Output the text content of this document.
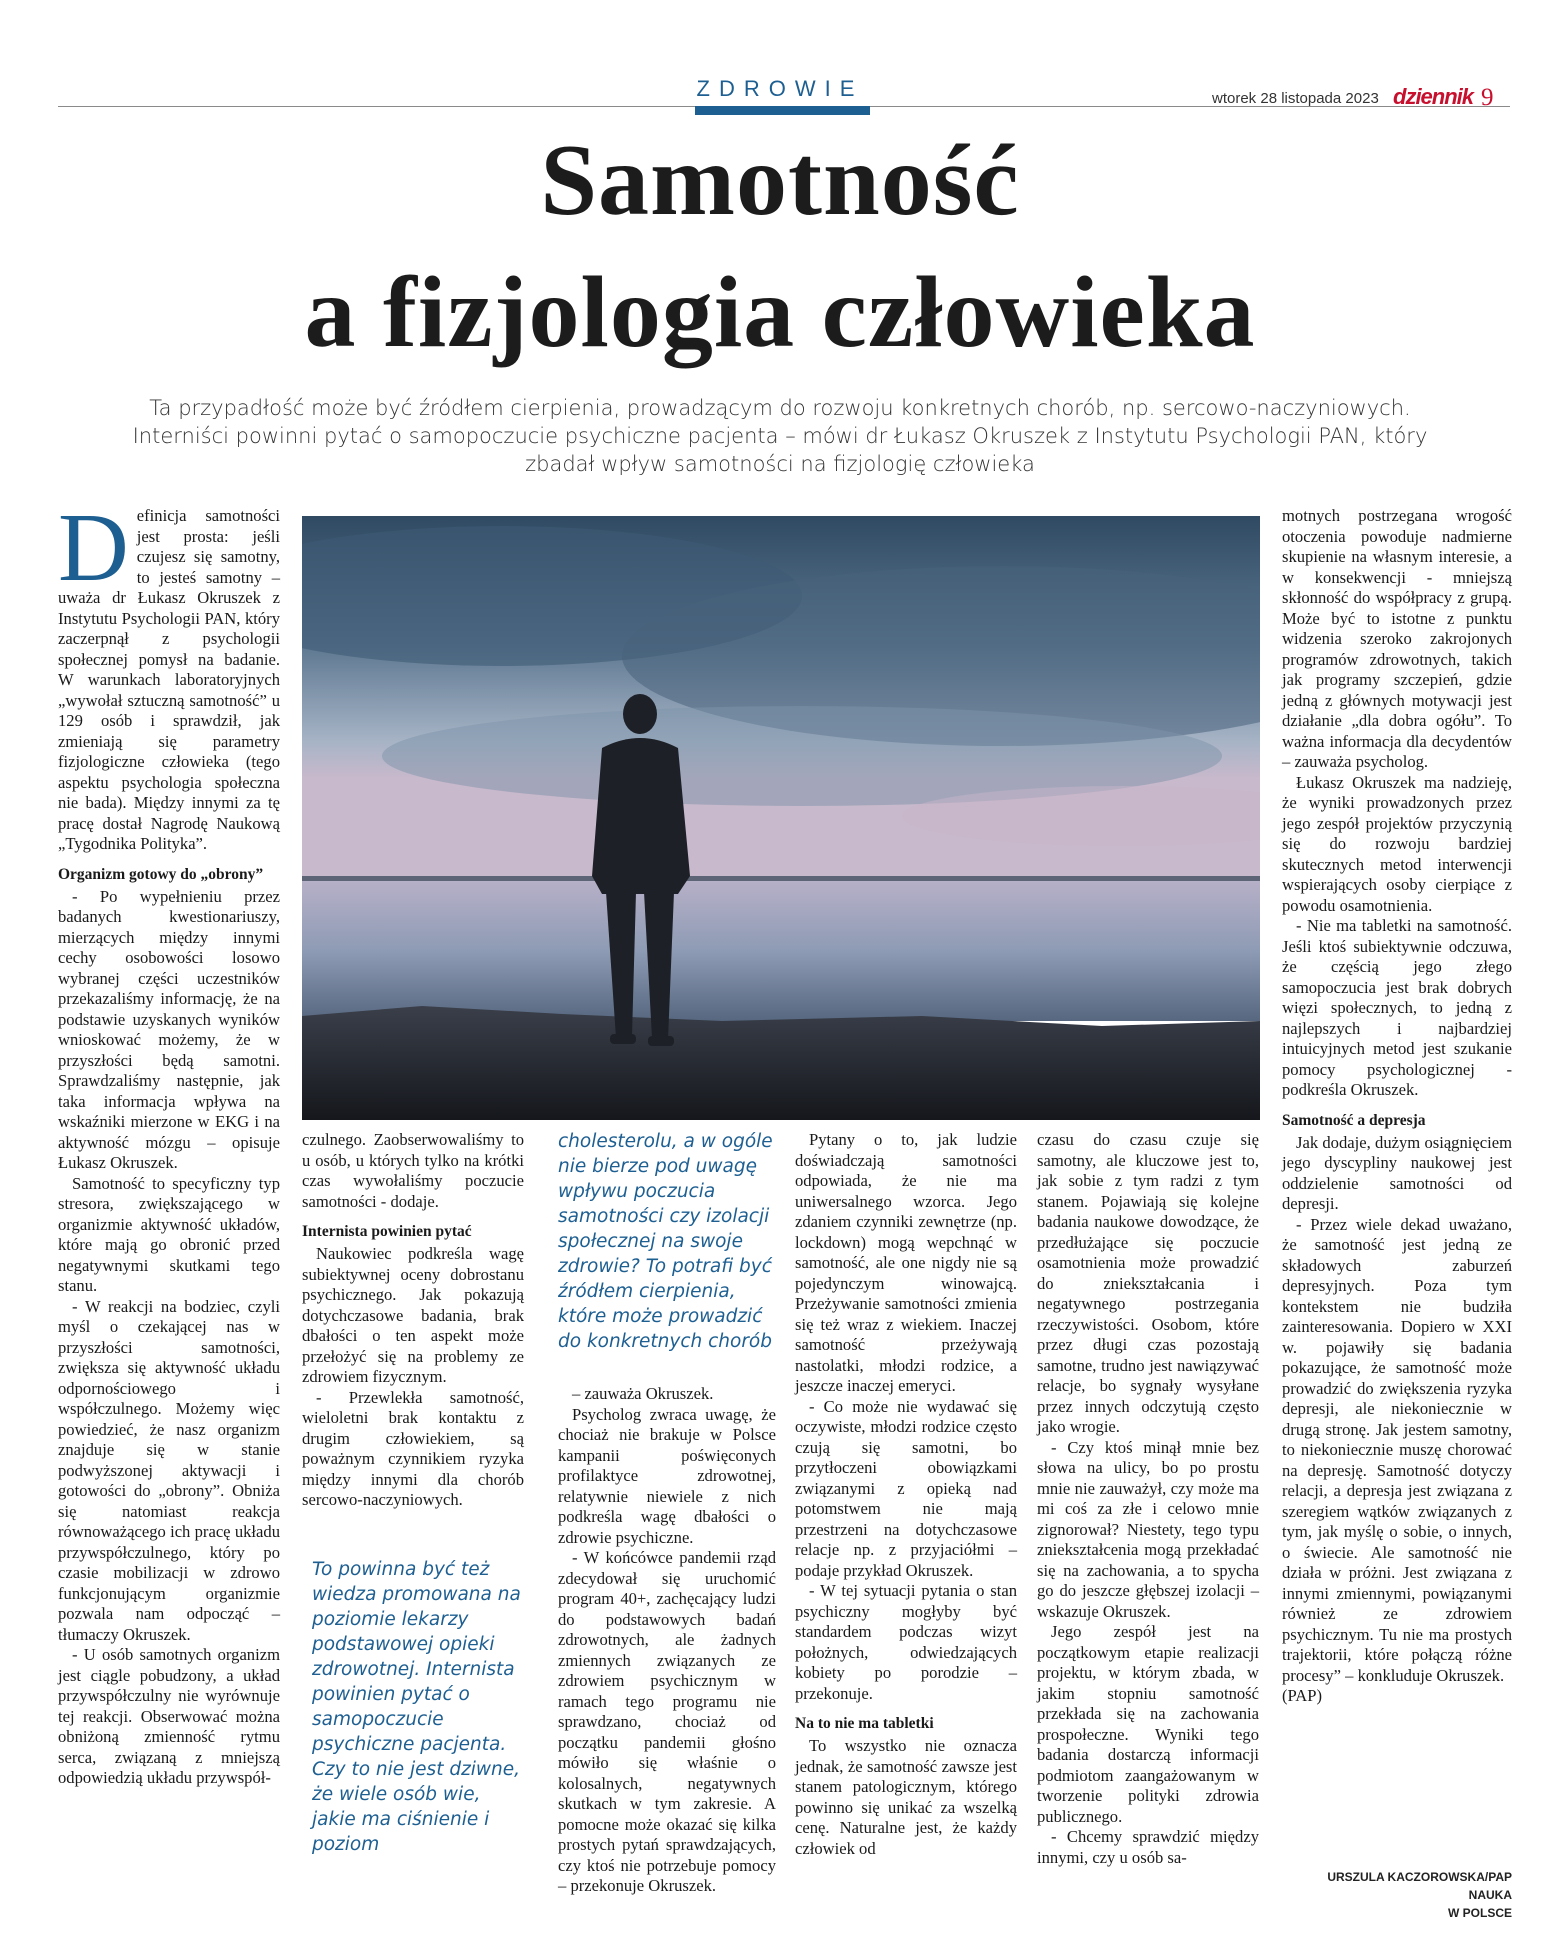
ZDROWIE	wtorek 28 listopada 2023 dziennik 9
Samotność
a fizjologia człowieka
Ta przypadłość może być źródłem cierpienia, prowadzącym do rozwoju konkretnych chorób, np. sercowo-naczyniowych.
Interniści powinni pytać o samopoczucie psychiczne pacjenta – mówi dr Łukasz Okruszek z Instytutu Psychologii PAN, który
zbadał wpływ samotności na fizjologię człowieka

Definicja samotności jest prosta: jeśli czujesz się samotny, to jesteś samotny – uważa dr Łukasz Okruszek z Instytutu Psychologii PAN, który zaczerpnął z psychologii społecznej pomysł na badanie. W warunkach laboratoryjnych „wywołał sztuczną samotność” u 129 osób i sprawdził, jak zmieniają się parametry fizjologiczne człowieka (tego aspektu psychologia społeczna nie bada). Między innymi za tę pracę dostał Nagrodę Naukową „Tygodnika Polityka”.

Organizm gotowy do „obrony”

- Po wypełnieniu przez badanych kwestionariuszy, mierzących między innymi cechy osobowości losowo wybranej części uczestników przekazaliśmy informację, że na podstawie uzyskanych wyników wnioskować możemy, że w przyszłości będą samotni. Sprawdzaliśmy następnie, jak taka informacja wpływa na wskaźniki mierzone w EKG i na aktywność mózgu – opisuje Łukasz Okruszek.

Samotność to specyficzny typ stresora, zwiększającego w organizmie aktywność układów, które mają go obronić przed negatywnymi skutkami tego stanu.

- W reakcji na bodziec, czyli myśl o czekającej nas w przyszłości samotności, zwiększa się aktywność układu odpornościowego i współczulnego. Możemy więc powiedzieć, że nasz organizm znajduje się w stanie podwyższonej aktywacji i gotowości do „obrony”. Obniża się natomiast reakcja równoważącego ich pracę układu przywspółczulnego, który po czasie mobilizacji w zdrowo funkcjonującym organizmie pozwala nam odpocząć – tłumaczy Okruszek.

- U osób samotnych organizm jest ciągle pobudzony, a układ przywspółczulny nie wyrównuje tej reakcji. Obserwować można obniżoną zmienność rytmu serca, związaną z mniejszą odpowiedzią układu przywspół-

czulnego. Zaobserwowaliśmy to u osób, u których tylko na krótki czas wywołaliśmy poczucie samotności - dodaje.

Internista powinien pytać

Naukowiec podkreśla wagę subiektywnej oceny dobrostanu psychicznego. Jak pokazują dotychczasowe badania, brak dbałości o ten aspekt może przełożyć się na problemy ze zdrowiem fizycznym.

- Przewlekła samotność, wieloletni brak kontaktu z drugim człowiekiem, są poważnym czynnikiem ryzyka między innymi dla chorób sercowo-naczyniowych.

To powinna być też wiedza promowana na poziomie lekarzy podstawowej opieki zdrowotnej. Internista powinien pytać o samopoczucie psychiczne pacjenta. Czy to nie jest dziwne, że wiele osób wie, jakie ma ciśnienie i poziom
cholesterolu, a w ogóle nie bierze pod uwagę wpływu poczucia samotności czy izolacji społecznej na swoje zdrowie? To potrafi być źródłem cierpienia, które może prowadzić do konkretnych chorób

– zauważa Okruszek.

Psycholog zwraca uwagę, że chociaż nie brakuje w Polsce kampanii poświęconych profilaktyce zdrowotnej, relatywnie niewiele z nich podkreśla wagę dbałości o zdrowie psychiczne.

- W końcówce pandemii rząd zdecydował się uruchomić program 40+, zachęcający ludzi do podstawowych badań zdrowotnych, ale żadnych zmiennych związanych ze zdrowiem psychicznym w ramach tego programu nie sprawdzano, chociaż od początku pandemii głośno mówiło się właśnie o kolosalnych, negatywnych skutkach w tym zakresie. A pomocne może okazać się kilka prostych pytań sprawdzających, czy ktoś nie potrzebuje pomocy – przekonuje Okruszek.

Pytany o to, jak ludzie doświadczają samotności odpowiada, że nie ma uniwersalnego wzorca. Jego zdaniem czynniki zewnętrze (np. lockdown) mogą wepchnąć w samotność, ale one nigdy nie są pojedynczym winowajcą. Przeżywanie samotności zmienia się też wraz z wiekiem. Inaczej samotność przeżywają nastolatki, młodzi rodzice, a jeszcze inaczej emeryci.

- Co może nie wydawać się oczywiste, młodzi rodzice często czują się samotni, bo przytłoczeni obowiązkami związanymi z opieką nad potomstwem nie mają przestrzeni na dotychczasowe relacje np. z przyjaciółmi – podaje przykład Okruszek.

- W tej sytuacji pytania o stan psychiczny mogłyby być standardem podczas wizyt położnych, odwiedzających kobiety po porodzie – przekonuje.

Na to nie ma tabletki

To wszystko nie oznacza jednak, że samotność zawsze jest stanem patologicznym, którego powinno się unikać za wszelką cenę. Naturalne jest, że każdy człowiek od

czasu do czasu czuje się samotny, ale kluczowe jest to, jak sobie z tym radzi z tym stanem. Pojawiają się kolejne badania naukowe dowodzące, że przedłużające się poczucie osamotnienia może prowadzić do zniekształcania i negatywnego postrzegania rzeczywistości. Osobom, które przez długi czas pozostają samotne, trudno jest nawiązywać relacje, bo sygnały wysyłane przez innych odczytują często jako wrogie.

- Czy ktoś minął mnie bez słowa na ulicy, bo po prostu mnie nie zauważył, czy może ma mi coś za złe i celowo mnie zignorował? Niestety, tego typu zniekształcenia mogą przekładać się na zachowania, a to spycha go do jeszcze głębszej izolacji – wskazuje Okruszek.

Jego zespół jest na początkowym etapie realizacji projektu, w którym zbada, w jakim stopniu samotność przekłada się na zachowania prospołeczne. Wyniki tego badania dostarczą informacji podmiotom zaangażowanym w tworzenie polityki zdrowia publicznego.

- Chcemy sprawdzić między innymi, czy u osób sa-

motnych postrzegana wrogość otoczenia powoduje nadmierne skupienie na własnym interesie, a w konsekwencji - mniejszą skłonność do współpracy z grupą. Może być to istotne z punktu widzenia szeroko zakrojonych programów zdrowotnych, takich jak programy szczepień, gdzie jedną z głównych motywacji jest działanie „dla dobra ogółu”. To ważna informacja dla decydentów – zauważa psycholog.

Łukasz Okruszek ma nadzieję, że wyniki prowadzonych przez jego zespół projektów przyczynią się do rozwoju bardziej skutecznych metod interwencji wspierających osoby cierpiące z powodu osamotnienia.

- Nie ma tabletki na samotność. Jeśli ktoś subiektywnie odczuwa, że częścią jego złego samopoczucia jest brak dobrych więzi społecznych, to jedną z najlepszych i najbardziej intuicyjnych metod jest szukanie pomocy psychologicznej - podkreśla Okruszek.

Samotność a depresja

Jak dodaje, dużym osiągnięciem jego dyscypliny naukowej jest oddzielenie samotności od depresji.

- Przez wiele dekad uważano, że samotność jest jedną ze składowych zaburzeń depresyjnych. Poza tym kontekstem nie budziła zainteresowania. Dopiero w XXI w. pojawiły się badania pokazujące, że samotność może prowadzić do zwiększenia ryzyka depresji, ale niekoniecznie w drugą stronę. Jak jestem samotny, to niekoniecznie muszę chorować na depresję. Samotność dotyczy relacji, a depresja jest związana z szeregiem wątków związanych z tym, jak myślę o sobie, o innych, o świecie. Ale samotność nie działa w próżni. Jest związana z innymi zmiennymi, powiązanymi również ze zdrowiem psychicznym. Tu nie ma prostych trajektorii, które połączą różne procesy” – konkluduje Okruszek.

(PAP)

URSZULA KACZOROWSKA/PAP NAUKA
W POLSCE
